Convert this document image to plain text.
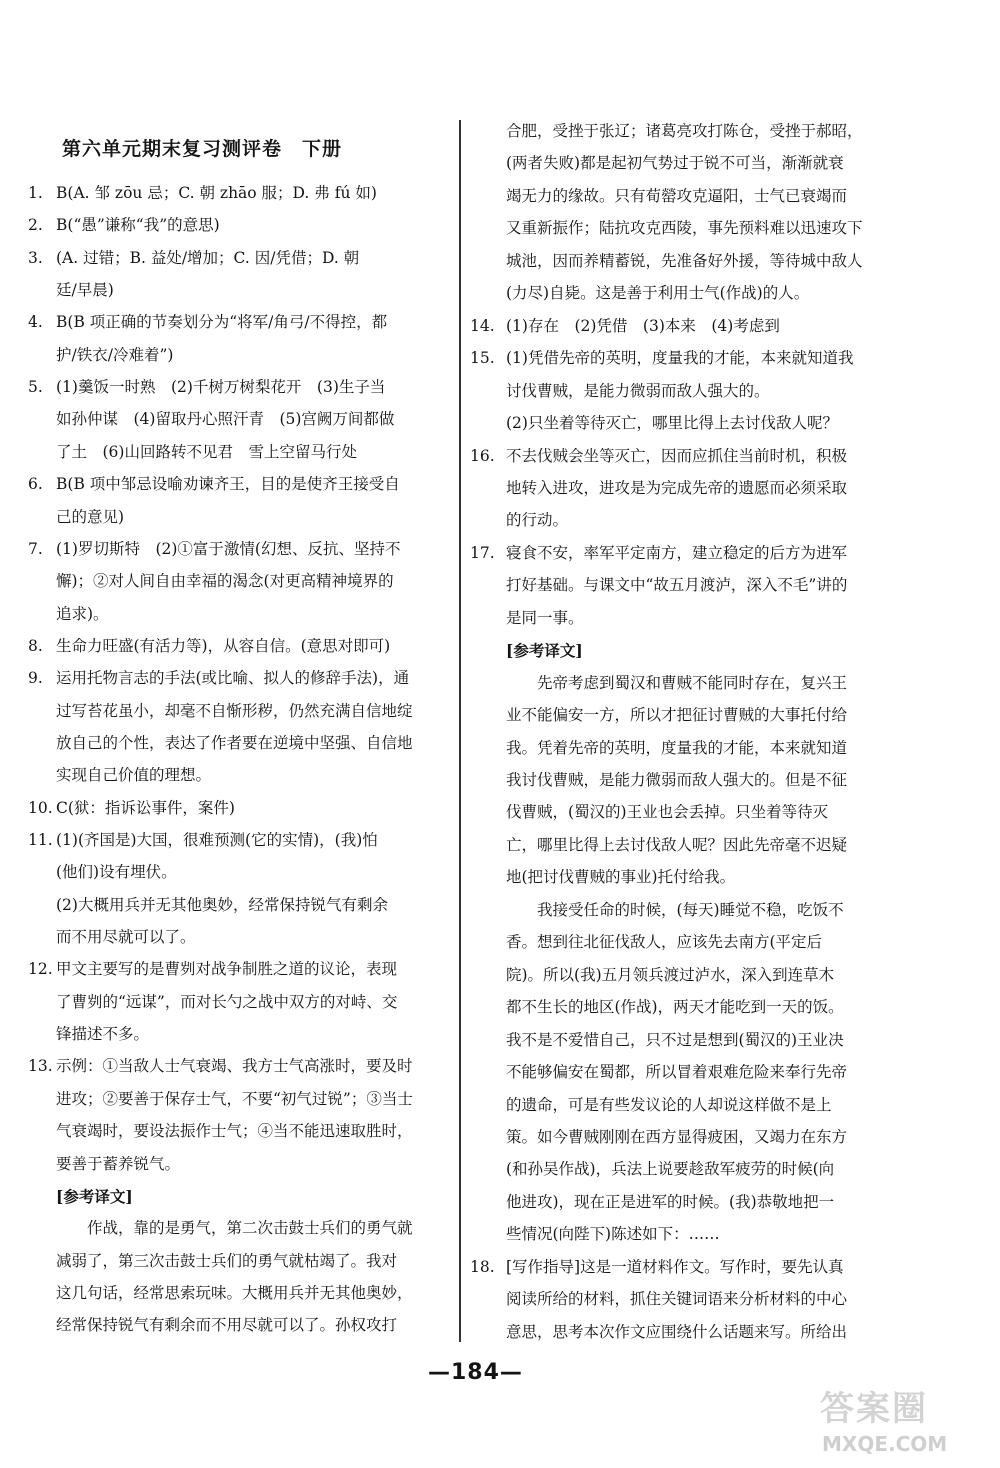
第六单元期末复习测评卷　下册
1. B(A. 邹 zōu 忌；C. 朝 zhāo 服；D. 弗 fú 如)
2. B(“愚”谦称“我”的意思)
3. (A. 过错；B. 益处/增加；C. 因/凭借；D. 朝
廷/早晨)
4. B(B 项正确的节奏划分为“将军/角弓/不得控，都
护/铁衣/冷难着”)
5. (1)羹饭一时熟　(2)千树万树梨花开　(3)生子当
如孙仲谋　(4)留取丹心照汗青　(5)宫阙万间都做
了土　(6)山回路转不见君　雪上空留马行处
6. B(B 项中邹忌设喻劝谏齐王，目的是使齐王接受自
己的意见)
7. (1)罗切斯特　(2)①富于激情(幻想、反抗、坚持不
懈)；②对人间自由幸福的渴念(对更高精神境界的
追求)。
8. 生命力旺盛(有活力等)，从容自信。(意思对即可)
9. 运用托物言志的手法(或比喻、拟人的修辞手法)，通
过写苔花虽小，却毫不自惭形秽，仍然充满自信地绽
放自己的个性，表达了作者要在逆境中坚强、自信地
实现自己价值的理想。
10. C(狱：指诉讼事件，案件)
11. (1)(齐国是)大国，很难预测(它的实情)，(我)怕
(他们)设有埋伏。
(2)大概用兵并无其他奥妙，经常保持锐气有剩余
而不用尽就可以了。
12. 甲文主要写的是曹刿对战争制胜之道的议论，表现
了曹刿的“远谋”，而对长勺之战中双方的对峙、交
锋描述不多。
13. 示例：①当敌人士气衰竭、我方士气高涨时，要及时
进攻；②要善于保存士气，不要“初气过锐”；③当士
气衰竭时，要设法振作士气；④当不能迅速取胜时，
要善于蓄养锐气。
[参考译文]
　　作战，靠的是勇气，第二次击鼓士兵们的勇气就
减弱了，第三次击鼓士兵们的勇气就枯竭了。我对
这几句话，经常思索玩味。大概用兵并无其他奥妙，
经常保持锐气有剩余而不用尽就可以了。孙权攻打
合肥，受挫于张辽；诸葛亮攻打陈仓，受挫于郝昭，
(两者失败)都是起初气势过于锐不可当，渐渐就衰
竭无力的缘故。只有荀罃攻克逼阳，士气已衰竭而
又重新振作；陆抗攻克西陵，事先预料难以迅速攻下
城池，因而养精蓄锐，先准备好外援，等待城中敌人
(力尽)自毙。这是善于利用士气(作战)的人。
14. (1)存在　(2)凭借　(3)本来　(4)考虑到
15. (1)凭借先帝的英明，度量我的才能，本来就知道我
讨伐曹贼，是能力微弱而敌人强大的。
(2)只坐着等待灭亡，哪里比得上去讨伐敌人呢？
16. 不去伐贼会坐等灭亡，因而应抓住当前时机，积极
地转入进攻，进攻是为完成先帝的遗愿而必须采取
的行动。
17. 寝食不安，率军平定南方，建立稳定的后方为进军
打好基础。与课文中“故五月渡泸，深入不毛”讲的
是同一事。
[参考译文]
　　先帝考虑到蜀汉和曹贼不能同时存在，复兴王
业不能偏安一方，所以才把征讨曹贼的大事托付给
我。凭着先帝的英明，度量我的才能，本来就知道
我讨伐曹贼，是能力微弱而敌人强大的。但是不征
伐曹贼，(蜀汉的)王业也会丢掉。只坐着等待灭
亡，哪里比得上去讨伐敌人呢？因此先帝毫不迟疑
地(把讨伐曹贼的事业)托付给我。
　　我接受任命的时候，(每天)睡觉不稳，吃饭不
香。想到往北征伐敌人，应该先去南方(平定后
院)。所以(我)五月领兵渡过泸水，深入到连草木
都不生长的地区(作战)，两天才能吃到一天的饭。
我不是不爱惜自己，只不过是想到(蜀汉的)王业决
不能够偏安在蜀都，所以冒着艰难危险来奉行先帝
的遗命，可是有些发议论的人却说这样做不是上
策。如今曹贼刚刚在西方显得疲困，又竭力在东方
(和孙吴作战)，兵法上说要趁敌军疲劳的时候(向
他进攻)，现在正是进军的时候。(我)恭敬地把一
些情况(向陛下)陈述如下：……
18. [写作指导]这是一道材料作文。写作时，要先认真
阅读所给的材料，抓住关键词语来分析材料的中心
意思，思考本次作文应围绕什么话题来写。所给出
—184—
答案圈
MXQE.COM
